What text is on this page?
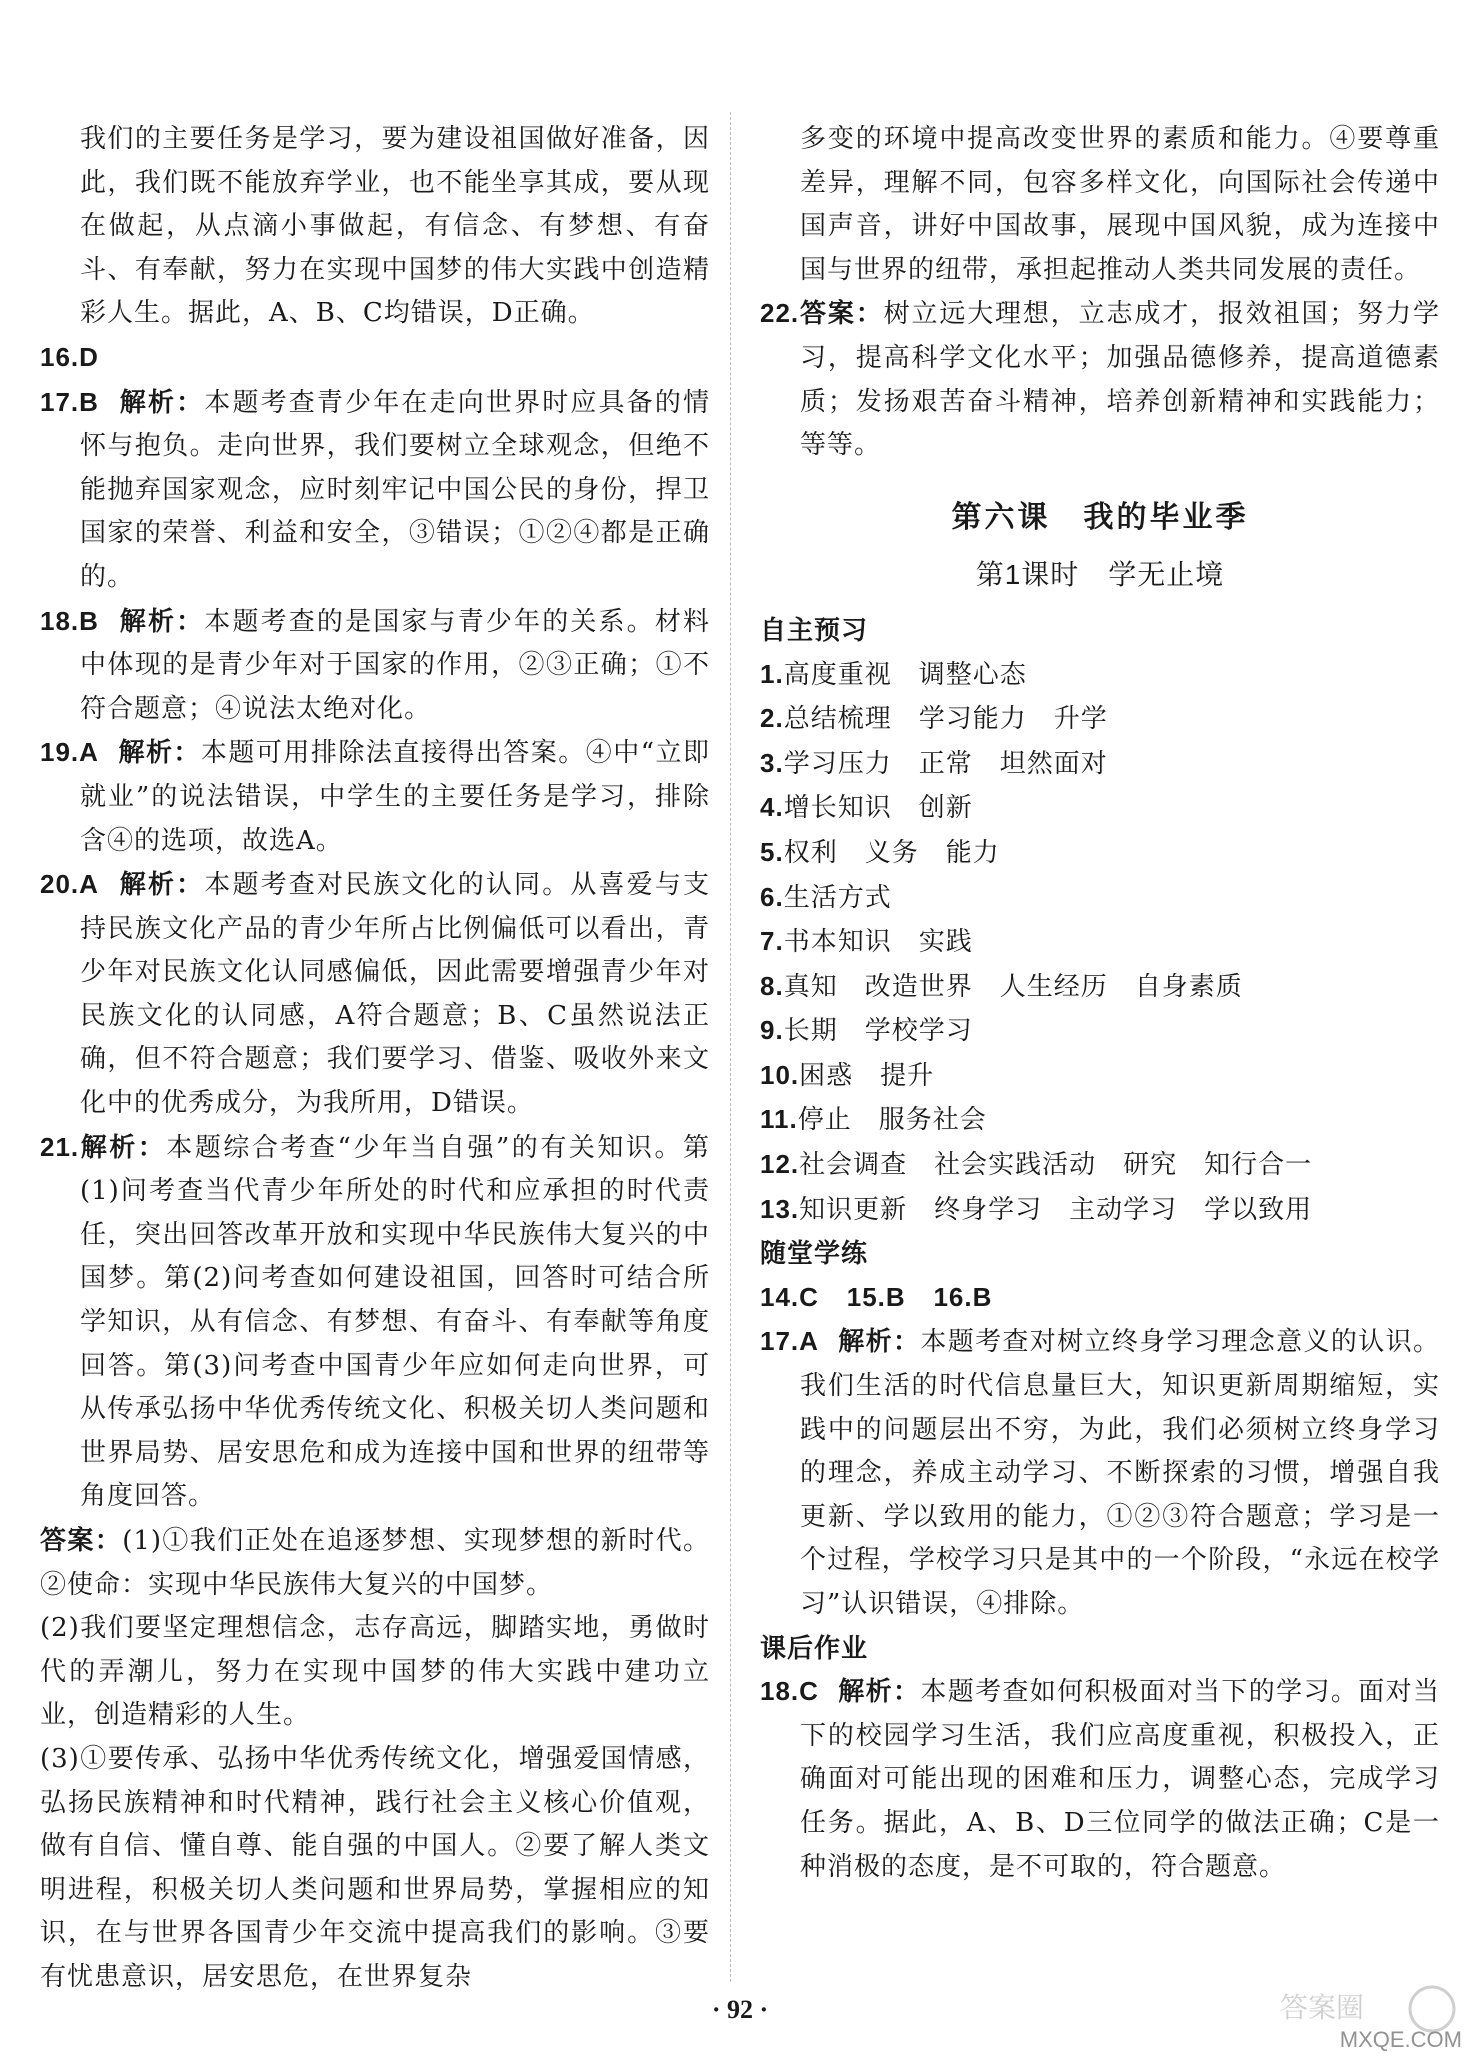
我们的主要任务是学习，要为建设祖国做好准备，因此，我们既不能放弃学业，也不能坐享其成，要从现在做起，从点滴小事做起，有信念、有梦想、有奋斗、有奉献，努力在实现中国梦的伟大实践中创造精彩人生。据此，A、B、C均错误，D正确。

16.D

17.B 解析：本题考查青少年在走向世界时应具备的情怀与抱负。走向世界，我们要树立全球观念，但绝不能抛弃国家观念，应时刻牢记中国公民的身份，捍卫国家的荣誉、利益和安全，③错误；①②④都是正确的。

18.B 解析：本题考查的是国家与青少年的关系。材料中体现的是青少年对于国家的作用，②③正确；①不符合题意；④说法太绝对化。

19.A 解析：本题可用排除法直接得出答案。④中“立即就业”的说法错误，中学生的主要任务是学习，排除含④的选项，故选A。

20.A 解析：本题考查对民族文化的认同。从喜爱与支持民族文化产品的青少年所占比例偏低可以看出，青少年对民族文化认同感偏低，因此需要增强青少年对民族文化的认同感，A符合题意；B、C虽然说法正确，但不符合题意；我们要学习、借鉴、吸收外来文化中的优秀成分，为我所用，D错误。

21.解析：本题综合考查“少年当自强”的有关知识。第(1)问考查当代青少年所处的时代和应承担的时代责任，突出回答改革开放和实现中华民族伟大复兴的中国梦。第(2)问考查如何建设祖国，回答时可结合所学知识，从有信念、有梦想、有奋斗、有奉献等角度回答。第(3)问考查中国青少年应如何走向世界，可从传承弘扬中华优秀传统文化、积极关切人类问题和世界局势、居安思危和成为连接中国和世界的纽带等角度回答。

答案：(1)①我们正处在追逐梦想、实现梦想的新时代。②使命：实现中华民族伟大复兴的中国梦。

(2)我们要坚定理想信念，志存高远，脚踏实地，勇做时代的弄潮儿，努力在实现中国梦的伟大实践中建功立业，创造精彩的人生。

(3)①要传承、弘扬中华优秀传统文化，增强爱国情感，弘扬民族精神和时代精神，践行社会主义核心价值观，做有自信、懂自尊、能自强的中国人。②要了解人类文明进程，积极关切人类问题和世界局势，掌握相应的知识，在与世界各国青少年交流中提高我们的影响。③要有忧患意识，居安思危，在世界复杂

多变的环境中提高改变世界的素质和能力。④要尊重差异，理解不同，包容多样文化，向国际社会传递中国声音，讲好中国故事，展现中国风貌，成为连接中国与世界的纽带，承担起推动人类共同发展的责任。

22.答案：树立远大理想，立志成才，报效祖国；努力学习，提高科学文化水平；加强品德修养，提高道德素质；发扬艰苦奋斗精神，培养创新精神和实践能力；等等。

第六课　我的毕业季
第1课时　学无止境

自主预习

1.高度重视　调整心态

2.总结梳理　学习能力　升学

3.学习压力　正常　坦然面对

4.增长知识　创新

5.权利　义务　能力

6.生活方式

7.书本知识　实践

8.真知　改造世界　人生经历　自身素质

9.长期　学校学习

10.困惑　提升

11.停止　服务社会

12.社会调查　社会实践活动　研究　知行合一

13.知识更新　终身学习　主动学习　学以致用

随堂学练

14.C 15.B 16.B

17.A 解析：本题考查对树立终身学习理念意义的认识。我们生活的时代信息量巨大，知识更新周期缩短，实践中的问题层出不穷，为此，我们必须树立终身学习的理念，养成主动学习、不断探索的习惯，增强自我更新、学以致用的能力，①②③符合题意；学习是一个过程，学校学习只是其中的一个阶段，“永远在校学习”认识错误，④排除。

课后作业

18.C 解析：本题考查如何积极面对当下的学习。面对当下的校园学习生活，我们应高度重视，积极投入，正确面对可能出现的困难和压力，调整心态，完成学习任务。据此，A、B、D三位同学的做法正确；C是一种消极的态度，是不可取的，符合题意。

· 92 ·	答案圈
MXQE.COM
